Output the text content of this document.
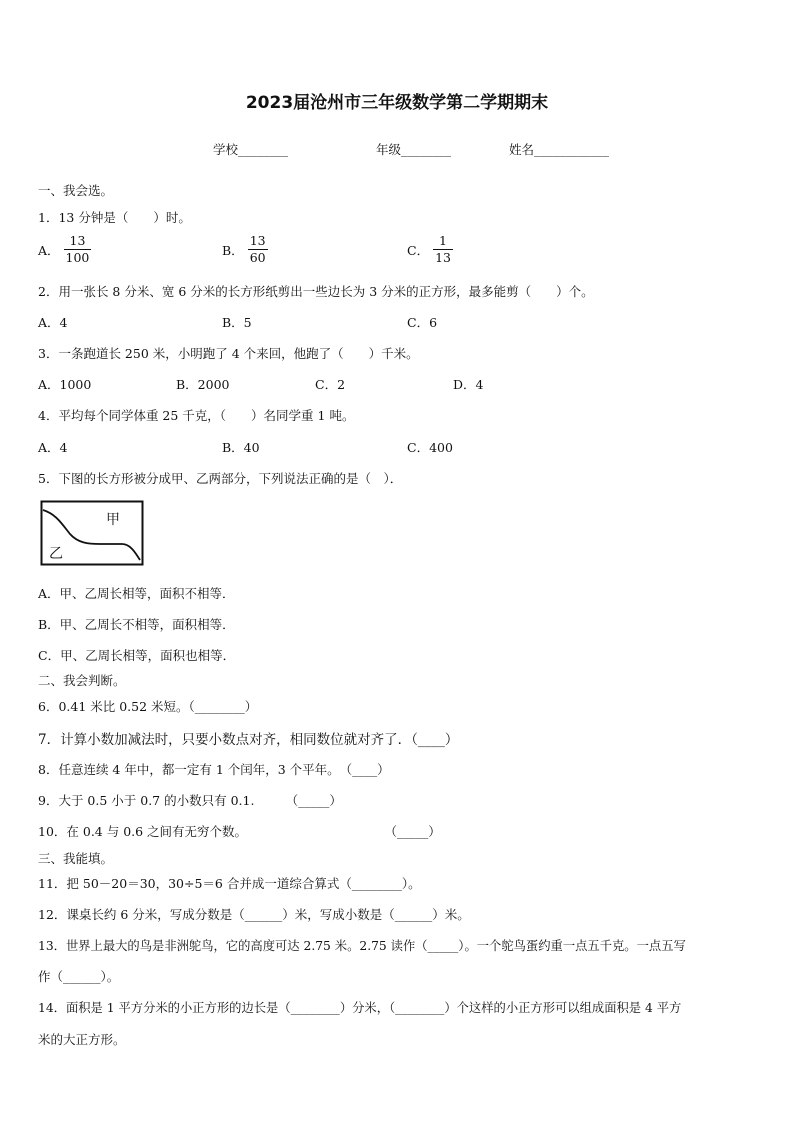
2023届沧州市三年级数学第二学期期末
学校________	年级________	姓名____________
一、我会选。
1．13 分钟是（　　）时。
A． $\frac{13}{100}$	B． $\frac{13}{60}$	C． $\frac{1}{13}$
2．用一张长 8 分米、宽 6 分米的长方形纸剪出一些边长为 3 分米的正方形，最多能剪（　　）个。
A．4	B．5	C．6
3．一条跑道长 250 米，小明跑了 4 个来回，他跑了（　　）千米。
A．1000	B．2000	C．2	D．4
4．平均每个同学体重 25 千克，（　　）名同学重 1 吨。
A．4	B．40	C．400
5．下图的长方形被分成甲、乙两部分，下列说法正确的是（　）．
甲
乙
A．甲、乙周长相等，面积不相等．
B．甲、乙周长不相等，面积相等．
C．甲、乙周长相等，面积也相等．
二、我会判断。
6．0.41 米比 0.52 米短。（________）
7．计算小数加减法时，只要小数点对齐，相同数位就对齐了．（____）
8．任意连续 4 年中，都一定有 1 个闰年，3 个平年。　（____）
9．大于 0.5 小于 0.7 的小数只有 0.1.　　　（_____）
10．在 0.4 与 0.6 之间有无穷个数。　　　　　　　　　　　　（_____）
三、我能填。
11．把 50－20＝30，30÷5＝6 合并成一道综合算式（________）。
12．课桌长约 6 分米，写成分数是（______）米，写成小数是（______）米。
13．世界上最大的鸟是非洲鸵鸟，它的高度可达 2.75 米。2.75 读作（_____）。一个鸵鸟蛋约重一点五千克。一点五写
作（______）。
14．面积是 1 平方分米的小正方形的边长是（________）分米，（________）个这样的小正方形可以组成面积是 4 平方
米的大正方形。
